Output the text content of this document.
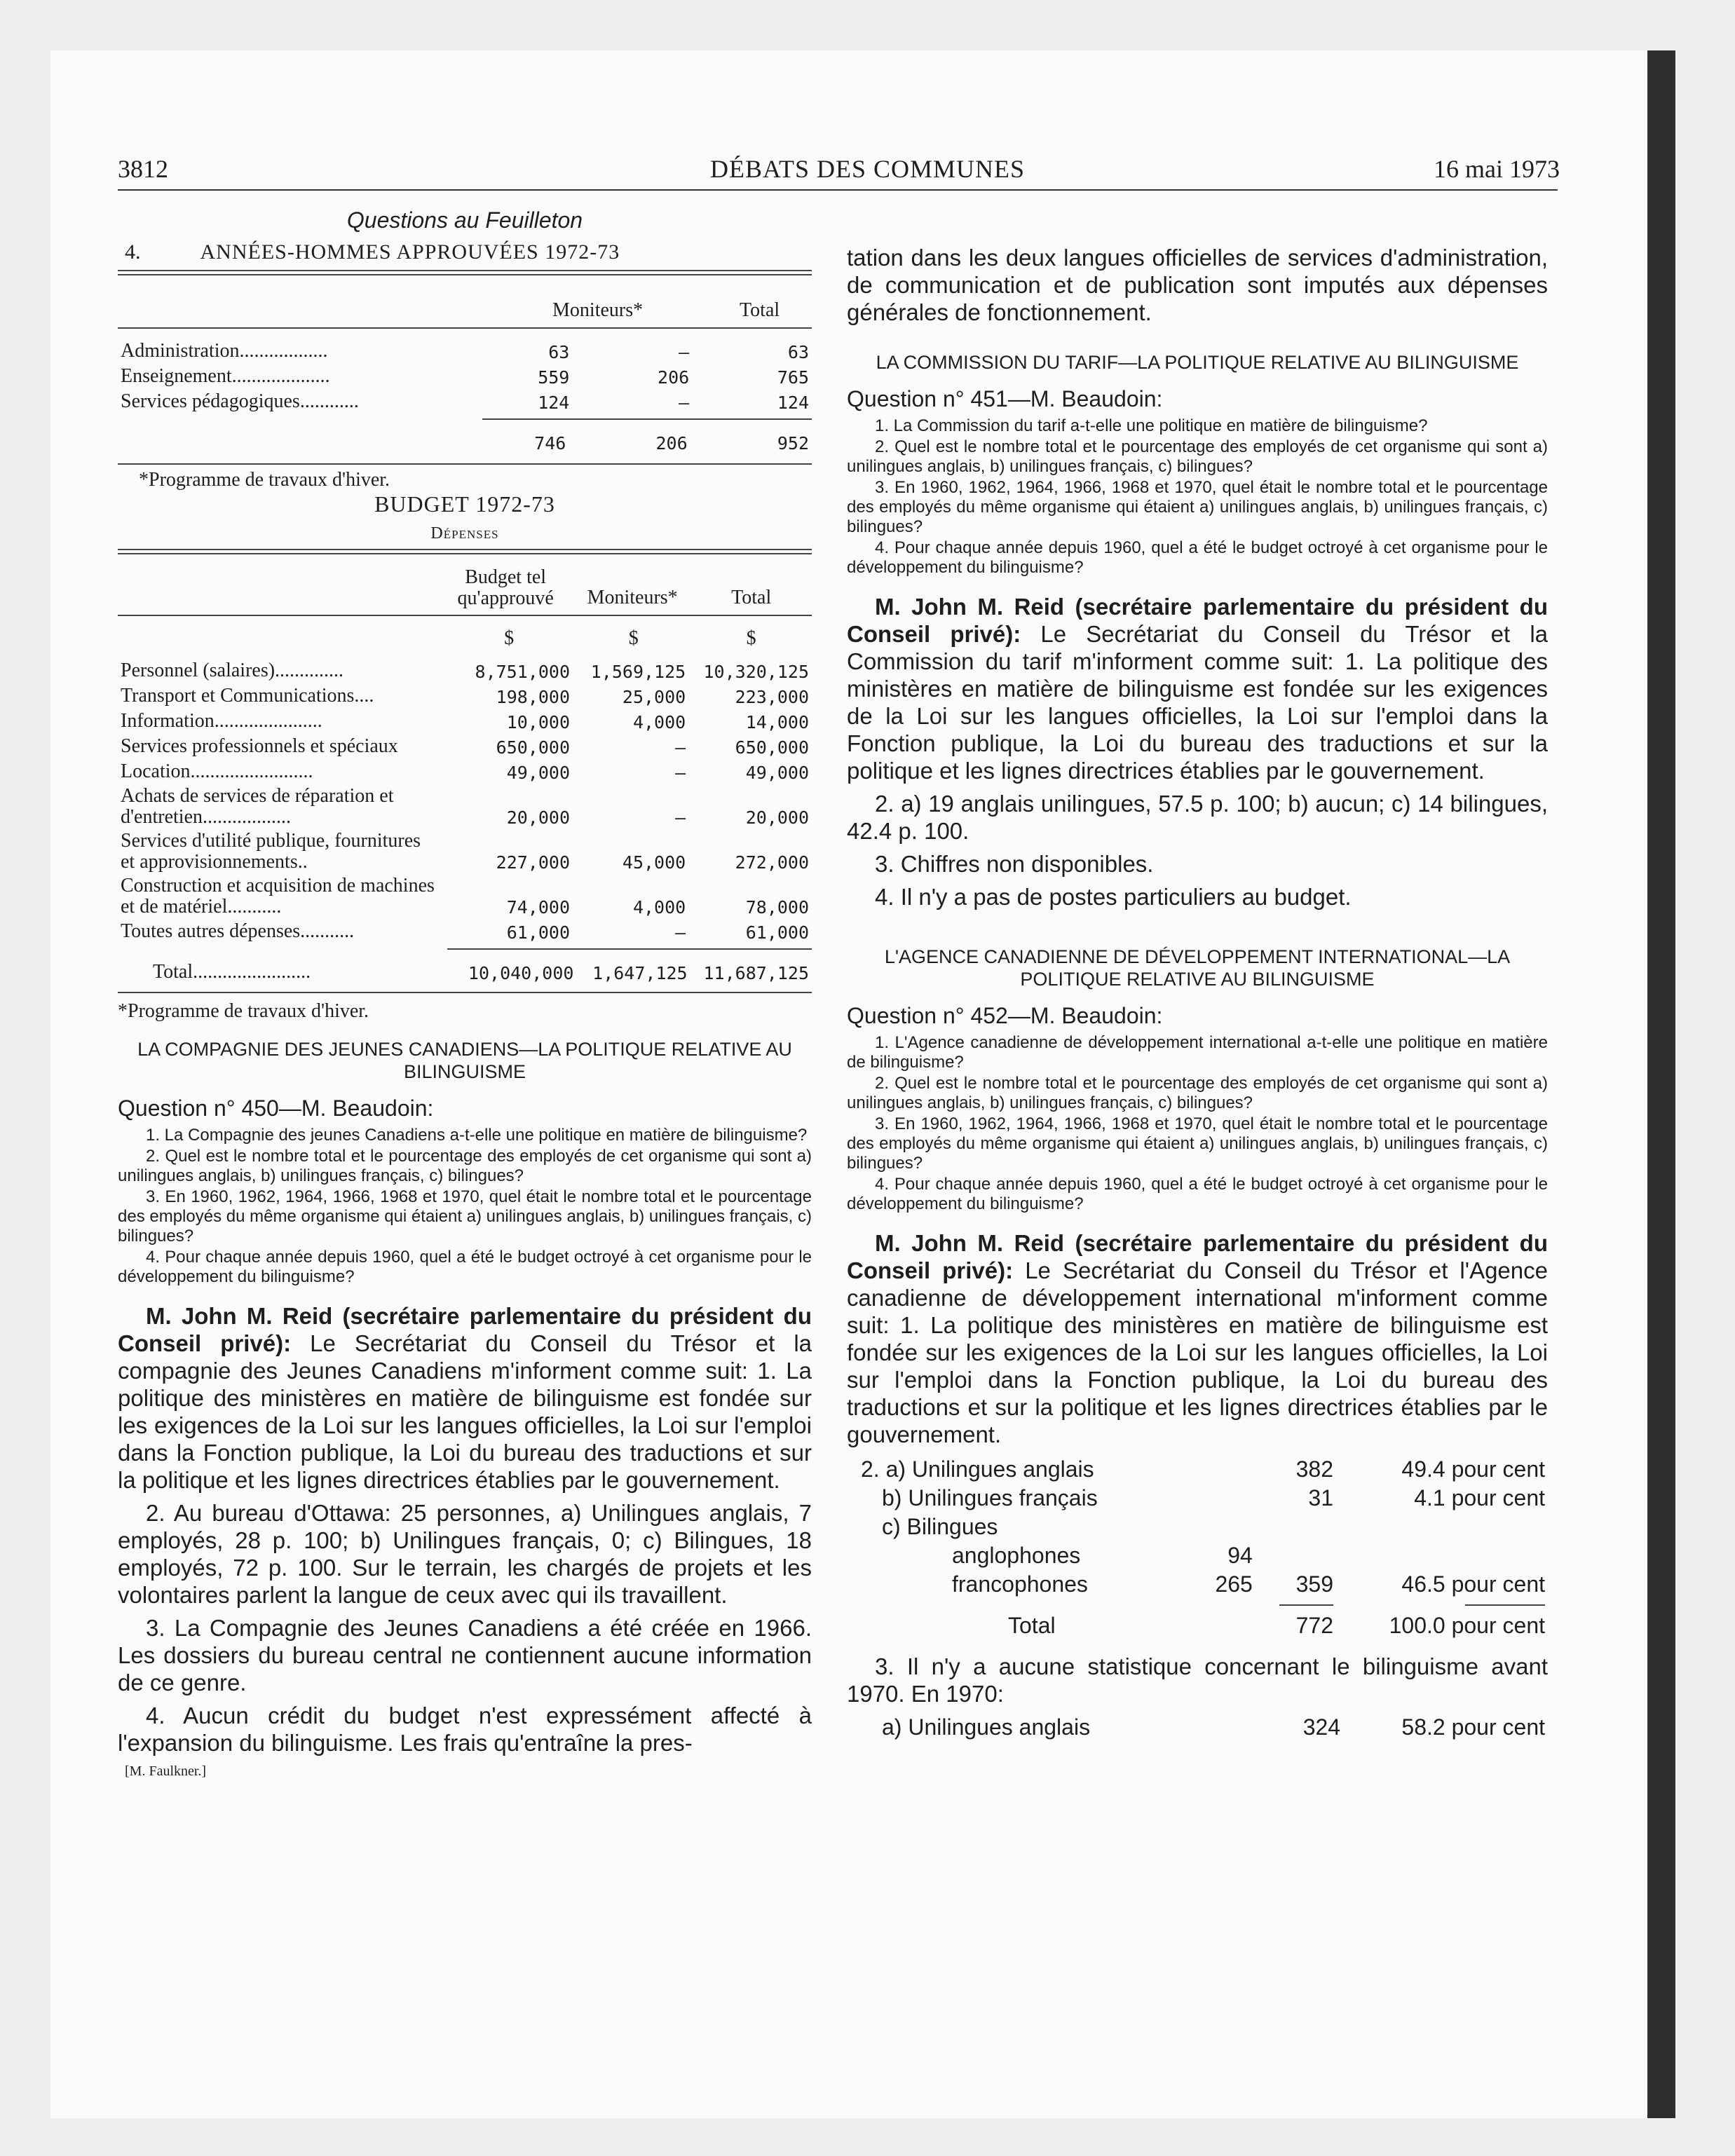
3812	DÉBATS DES COMMUNES	16 mai 1973
Questions au Feuilleton
4.	ANNÉES-HOMMES APPROUVÉES 1972-73
	Moniteurs*	Total
Administration..................	63	—	63
Enseignement....................	559	206	765
Services pédagogiques............	124	—	124
	746	206	952
*Programme de travaux d'hiver.
BUDGET 1972-73
Dépenses
	Budget tel qu'approuvé	Moniteurs*	Total
	$	$	$
Personnel (salaires)..............	8,751,000	1,569,125	10,320,125
Transport et Communications....	198,000	25,000	223,000
Information......................	10,000	4,000	14,000
Services professionnels et spéciaux	650,000	—	650,000
Location.........................	49,000	—	49,000
Achats de services de réparation et d'entretien..................	20,000	—	20,000
Services d'utilité publique, fournitures et approvisionnements..	227,000	45,000	272,000
Construction et acquisition de machines et de matériel...........	74,000	4,000	78,000
Toutes autres dépenses...........	61,000	—	61,000
Total........................	10,040,000	1,647,125	11,687,125
*Programme de travaux d'hiver.
LA COMPAGNIE DES JEUNES CANADIENS—LA POLITIQUE RELATIVE AU BILINGUISME
Question n° 450—M. Beaudoin:

1. La Compagnie des jeunes Canadiens a-t-elle une politique en matière de bilinguisme?

2. Quel est le nombre total et le pourcentage des employés de cet organisme qui sont a) unilingues anglais, b) unilingues français, c) bilingues?

3. En 1960, 1962, 1964, 1966, 1968 et 1970, quel était le nombre total et le pourcentage des employés du même organisme qui étaient a) unilingues anglais, b) unilingues français, c) bilingues?

4. Pour chaque année depuis 1960, quel a été le budget octroyé à cet organisme pour le développement du bilinguisme?

M. John M. Reid (secrétaire parlementaire du président du Conseil privé): Le Secrétariat du Conseil du Trésor et la compagnie des Jeunes Canadiens m'informent comme suit: 1. La politique des ministères en matière de bilinguisme est fondée sur les exigences de la Loi sur les langues officielles, la Loi sur l'emploi dans la Fonction publique, la Loi du bureau des traductions et sur la politique et les lignes directrices établies par le gouvernement.

2. Au bureau d'Ottawa: 25 personnes, a) Unilingues anglais, 7 employés, 28 p. 100; b) Unilingues français, 0; c) Bilingues, 18 employés, 72 p. 100. Sur le terrain, les chargés de projets et les volontaires parlent la langue de ceux avec qui ils travaillent.

3. La Compagnie des Jeunes Canadiens a été créée en 1966. Les dossiers du bureau central ne contiennent aucune information de ce genre.

4. Aucun crédit du budget n'est expressément affecté à l'expansion du bilinguisme. Les frais qu'entraîne la pres-

[M. Faulkner.]

tation dans les deux langues officielles de services d'administration, de communication et de publication sont imputés aux dépenses générales de fonctionnement.

LA COMMISSION DU TARIF—LA POLITIQUE RELATIVE AU BILINGUISME
Question n° 451—M. Beaudoin:

1. La Commission du tarif a-t-elle une politique en matière de bilinguisme?

2. Quel est le nombre total et le pourcentage des employés de cet organisme qui sont a) unilingues anglais, b) unilingues français, c) bilingues?

3. En 1960, 1962, 1964, 1966, 1968 et 1970, quel était le nombre total et le pourcentage des employés du même organisme qui étaient a) unilingues anglais, b) unilingues français, c) bilingues?

4. Pour chaque année depuis 1960, quel a été le budget octroyé à cet organisme pour le développement du bilinguisme?

M. John M. Reid (secrétaire parlementaire du président du Conseil privé): Le Secrétariat du Conseil du Trésor et la Commission du tarif m'informent comme suit: 1. La politique des ministères en matière de bilinguisme est fondée sur les exigences de la Loi sur les langues officielles, la Loi sur l'emploi dans la Fonction publique, la Loi du bureau des traductions et sur la politique et les lignes directrices établies par le gouvernement.

2. a) 19 anglais unilingues, 57.5 p. 100; b) aucun; c) 14 bilingues, 42.4 p. 100.

3. Chiffres non disponibles.

4. Il n'y a pas de postes particuliers au budget.

L'AGENCE CANADIENNE DE DÉVELOPPEMENT INTERNATIONAL—LA POLITIQUE RELATIVE AU BILINGUISME
Question n° 452—M. Beaudoin:

1. L'Agence canadienne de développement international a-t-elle une politique en matière de bilinguisme?

2. Quel est le nombre total et le pourcentage des employés de cet organisme qui sont a) unilingues anglais, b) unilingues français, c) bilingues?

3. En 1960, 1962, 1964, 1966, 1968 et 1970, quel était le nombre total et le pourcentage des employés du même organisme qui étaient a) unilingues anglais, b) unilingues français, c) bilingues?

4. Pour chaque année depuis 1960, quel a été le budget octroyé à cet organisme pour le développement du bilinguisme?

M. John M. Reid (secrétaire parlementaire du président du Conseil privé): Le Secrétariat du Conseil du Trésor et l'Agence canadienne de développement international m'informent comme suit: 1. La politique des ministères en matière de bilinguisme est fondée sur les exigences de la Loi sur les langues officielles, la Loi sur l'emploi dans la Fonction publique, la Loi du bureau des traductions et sur la politique et les lignes directrices établies par le gouvernement.

2. a) Unilingues anglais		382	49.4 pour cent
b) Unilingues français		31	4.1 pour cent
c) Bilingues			
anglophones	94		
francophones	265	359	46.5 pour cent

Total		772	100.0 pour cent

3. Il n'y a aucune statistique concernant le bilinguisme avant 1970. En 1970:

a) Unilingues anglais		324	58.2 pour cent
